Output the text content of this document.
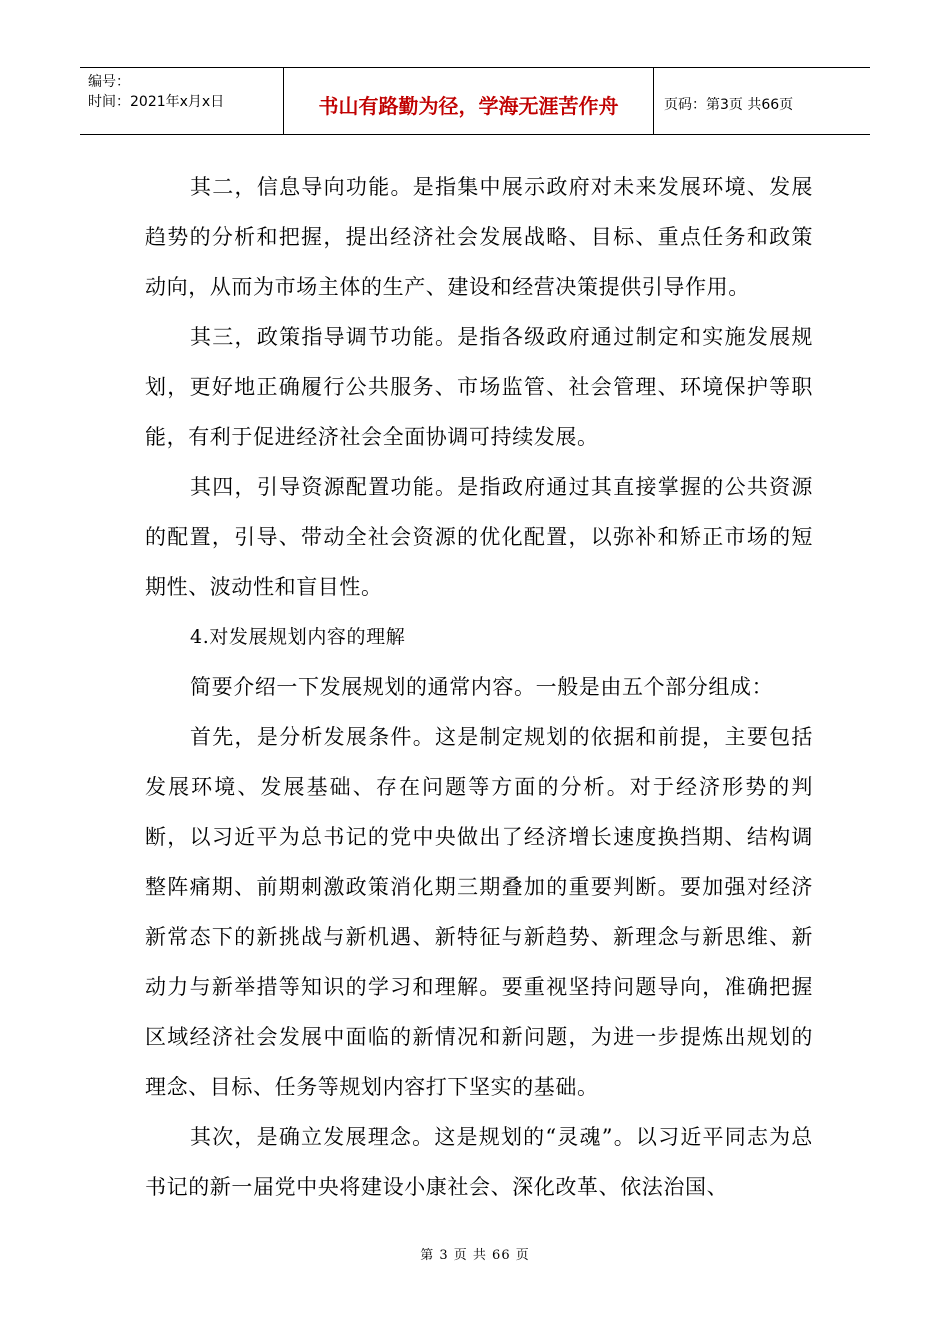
编号：
时间：2021年x月x日	书山有路勤为径，学海无涯苦作舟	页码：第3页 共66页

其二，信息导向功能。是指集中展示政府对未来发展环境、发展趋势的分析和把握，提出经济社会发展战略、目标、重点任务和政策动向，从而为市场主体的生产、建设和经营决策提供引导作用。

其三，政策指导调节功能。是指各级政府通过制定和实施发展规划，更好地正确履行公共服务、市场监管、社会管理、环境保护等职能，有利于促进经济社会全面协调可持续发展。

其四，引导资源配置功能。是指政府通过其直接掌握的公共资源的配置，引导、带动全社会资源的优化配置，以弥补和矫正市场的短期性、波动性和盲目性。

4.对发展规划内容的理解

简要介绍一下发展规划的通常内容。一般是由五个部分组成：

首先，是分析发展条件。这是制定规划的依据和前提，主要包括发展环境、发展基础、存在问题等方面的分析。对于经济形势的判断，以习近平为总书记的党中央做出了经济增长速度换挡期、结构调整阵痛期、前期刺激政策消化期三期叠加的重要判断。要加强对经济新常态下的新挑战与新机遇、新特征与新趋势、新理念与新思维、新动力与新举措等知识的学习和理解。要重视坚持问题导向，准确把握区域经济社会发展中面临的新情况和新问题，为进一步提炼出规划的理念、目标、任务等规划内容打下坚实的基础。

其次，是确立发展理念。这是规划的“灵魂”。以习近平同志为总书记的新一届党中央将建设小康社会、深化改革、依法治国、

第 3 页 共 66 页
